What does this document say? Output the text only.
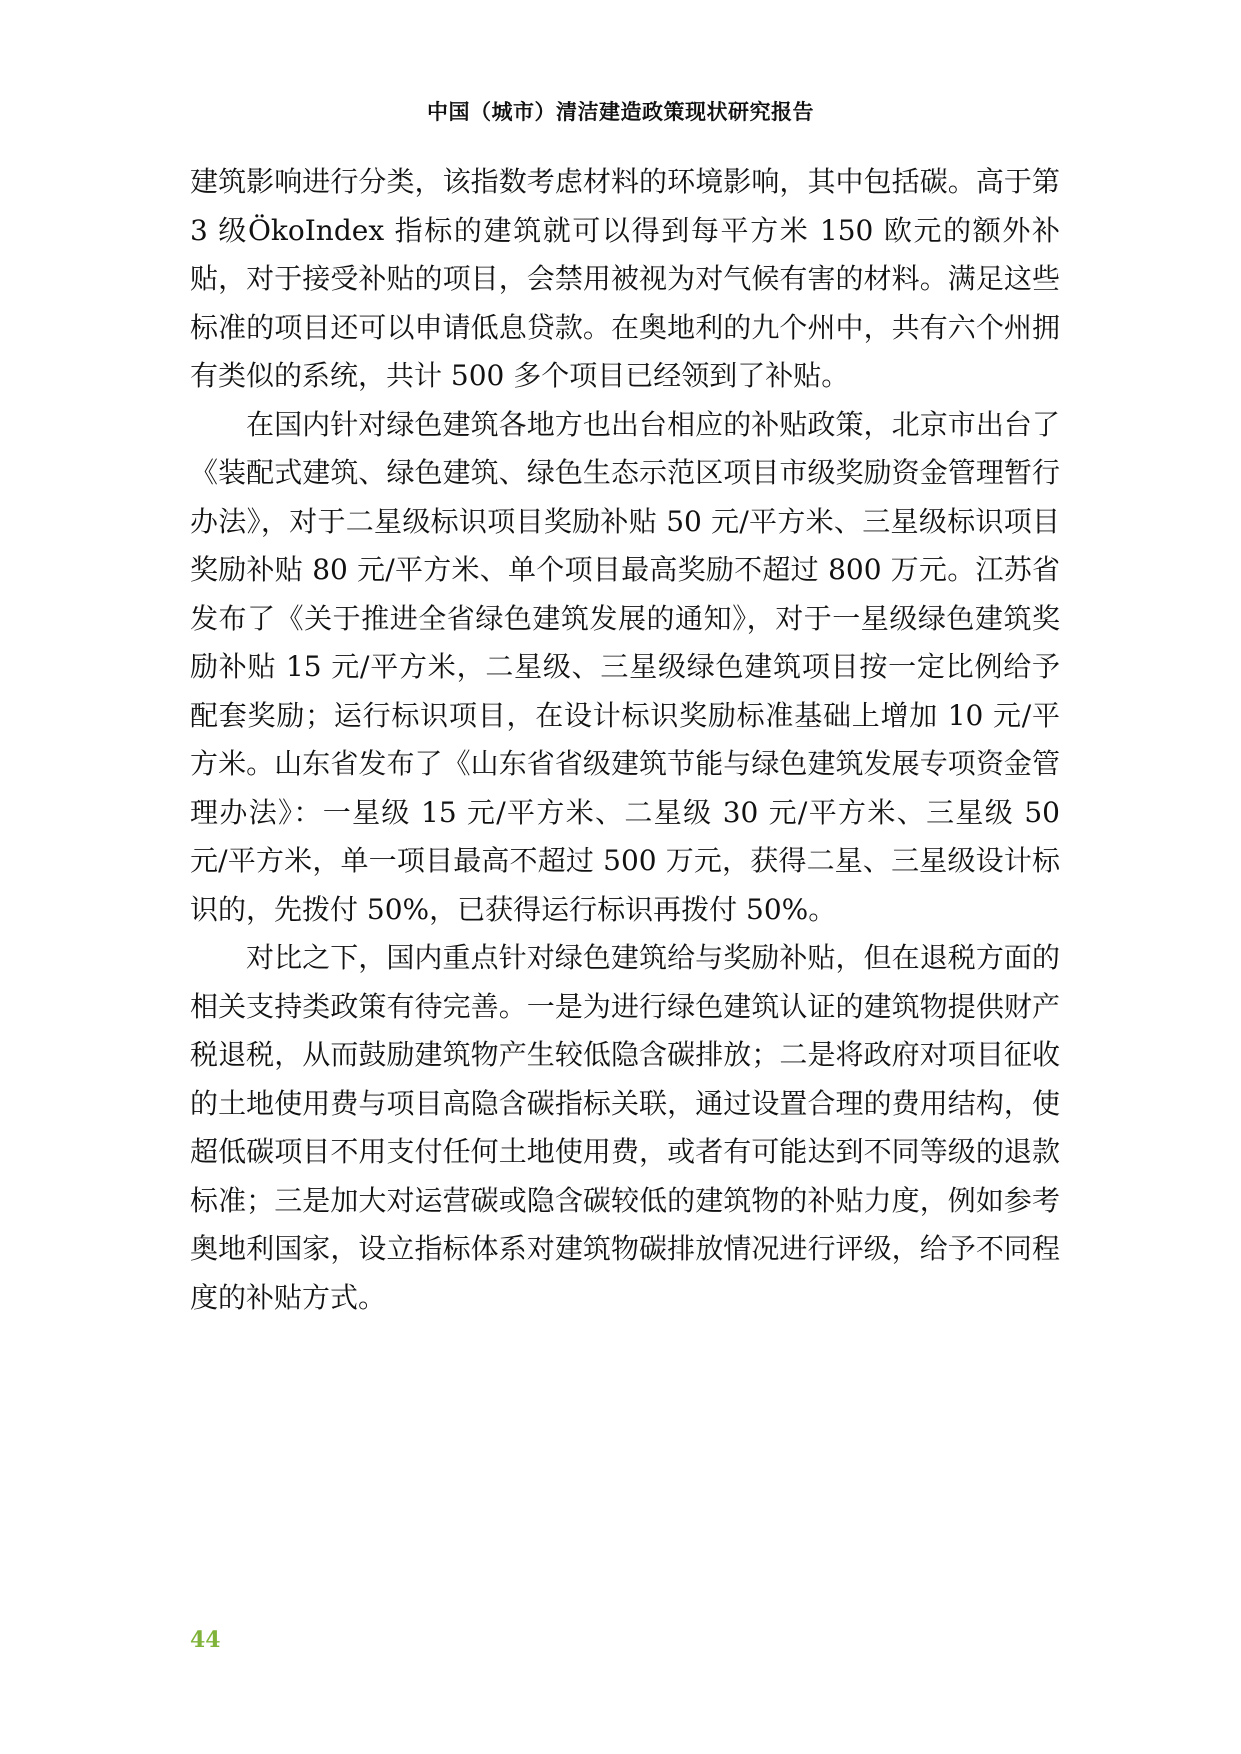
中国（城市）清洁建造政策现状研究报告

建筑影响进行分类，该指数考虑材料的环境影响，其中包括碳。高于第 3 级ÖkoIndex 指标的建筑就可以得到每平方米 150 欧元的额外补贴，对于接受补贴的项目，会禁用被视为对气候有害的材料。满足这些标准的项目还可以申请低息贷款。在奥地利的九个州中，共有六个州拥有类似的系统，共计 500 多个项目已经领到了补贴。

在国内针对绿色建筑各地方也出台相应的补贴政策，北京市出台了《装配式建筑、绿色建筑、绿色生态示范区项目市级奖励资金管理暂行办法》，对于二星级标识项目奖励补贴 50 元/平方米、三星级标识项目奖励补贴 80 元/平方米、单个项目最高奖励不超过 800 万元。江苏省发布了《关于推进全省绿色建筑发展的通知》，对于一星级绿色建筑奖励补贴 15 元/平方米，二星级、三星级绿色建筑项目按一定比例给予配套奖励；运行标识项目，在设计标识奖励标准基础上增加 10 元/平方米。山东省发布了《山东省省级建筑节能与绿色建筑发展专项资金管理办法》：一星级 15 元/平方米、二星级 30 元/平方米、三星级 50 元/平方米，单一项目最高不超过 500 万元，获得二星、三星级设计标识的，先拨付 50%，已获得运行标识再拨付 50%。

对比之下，国内重点针对绿色建筑给与奖励补贴，但在退税方面的相关支持类政策有待完善。一是为进行绿色建筑认证的建筑物提供财产税退税，从而鼓励建筑物产生较低隐含碳排放；二是将政府对项目征收的土地使用费与项目高隐含碳指标关联，通过设置合理的费用结构，使超低碳项目不用支付任何土地使用费，或者有可能达到不同等级的退款标准；三是加大对运营碳或隐含碳较低的建筑物的补贴力度，例如参考奥地利国家，设立指标体系对建筑物碳排放情况进行评级，给予不同程度的补贴方式。

44
